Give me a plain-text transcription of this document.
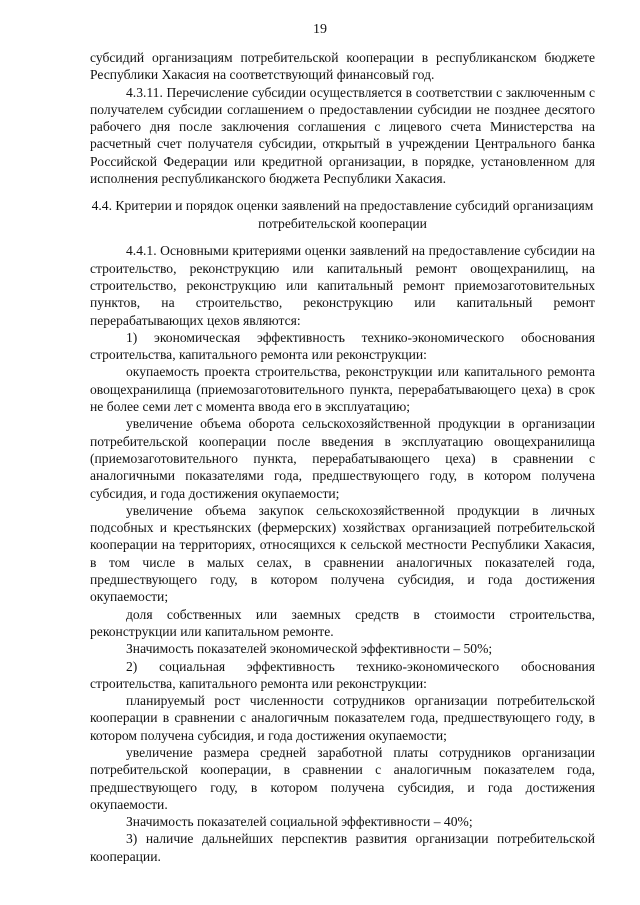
19

субсидий организациям потребительской кооперации в республиканском бюджете Республики Хакасия на соответствующий финансовый год.

4.3.11. Перечисление субсидии осуществляется в соответствии с заключенным с получателем субсидии соглашением о предоставлении субсидии не позднее десятого рабочего дня после заключения соглашения с лицевого счета Министерства на расчетный счет получателя субсидии, открытый в учреждении Центрального банка Российской Федерации или кредитной организации, в порядке, установленном для исполнения республиканского бюджета Республики Хакасия.

4.4. Критерии и порядок оценки заявлений на предоставление субсидий организациям потребительской кооперации

4.4.1. Основными критериями оценки заявлений на предоставление субсидии на строительство, реконструкцию или капитальный ремонт овощехранилищ, на строительство, реконструкцию или капитальный ремонт приемозаготовительных пунктов, на строительство, реконструкцию или капитальный ремонт перерабатывающих цехов являются:

1) экономическая эффективность технико-экономического обоснования строительства, капитального ремонта или реконструкции:

окупаемость проекта строительства, реконструкции или капитального ремонта овощехранилища (приемозаготовительного пункта, перерабатывающего цеха) в срок не более семи лет с момента ввода его в эксплуатацию;

увеличение объема оборота сельскохозяйственной продукции в организации потребительской кооперации после введения в эксплуатацию овощехранилища (приемозаготовительного пункта, перерабатывающего цеха) в сравнении с аналогичными показателями года, предшествующего году, в котором получена субсидия, и года достижения окупаемости;

увеличение объема закупок сельскохозяйственной продукции в личных подсобных и крестьянских (фермерских) хозяйствах организацией потребительской кооперации на территориях, относящихся к сельской местности Республики Хакасия, в том числе в малых селах, в сравнении аналогичных показателей года, предшествующего году, в котором получена субсидия, и года достижения окупаемости;

доля собственных или заемных средств в стоимости строительства, реконструкции или капитальном ремонте.

Значимость показателей экономической эффективности – 50%;

2) социальная эффективность технико-экономического обоснования строительства, капитального ремонта или реконструкции:

планируемый рост численности сотрудников организации потребительской кооперации в сравнении с аналогичным показателем года, предшествующего году, в котором получена субсидия, и года достижения окупаемости;

увеличение размера средней заработной платы сотрудников организации потребительской кооперации, в сравнении с аналогичным показателем года, предшествующего году, в котором получена субсидия, и года достижения окупаемости.

Значимость показателей социальной эффективности – 40%;

3) наличие дальнейших перспектив развития организации потребительской кооперации.
